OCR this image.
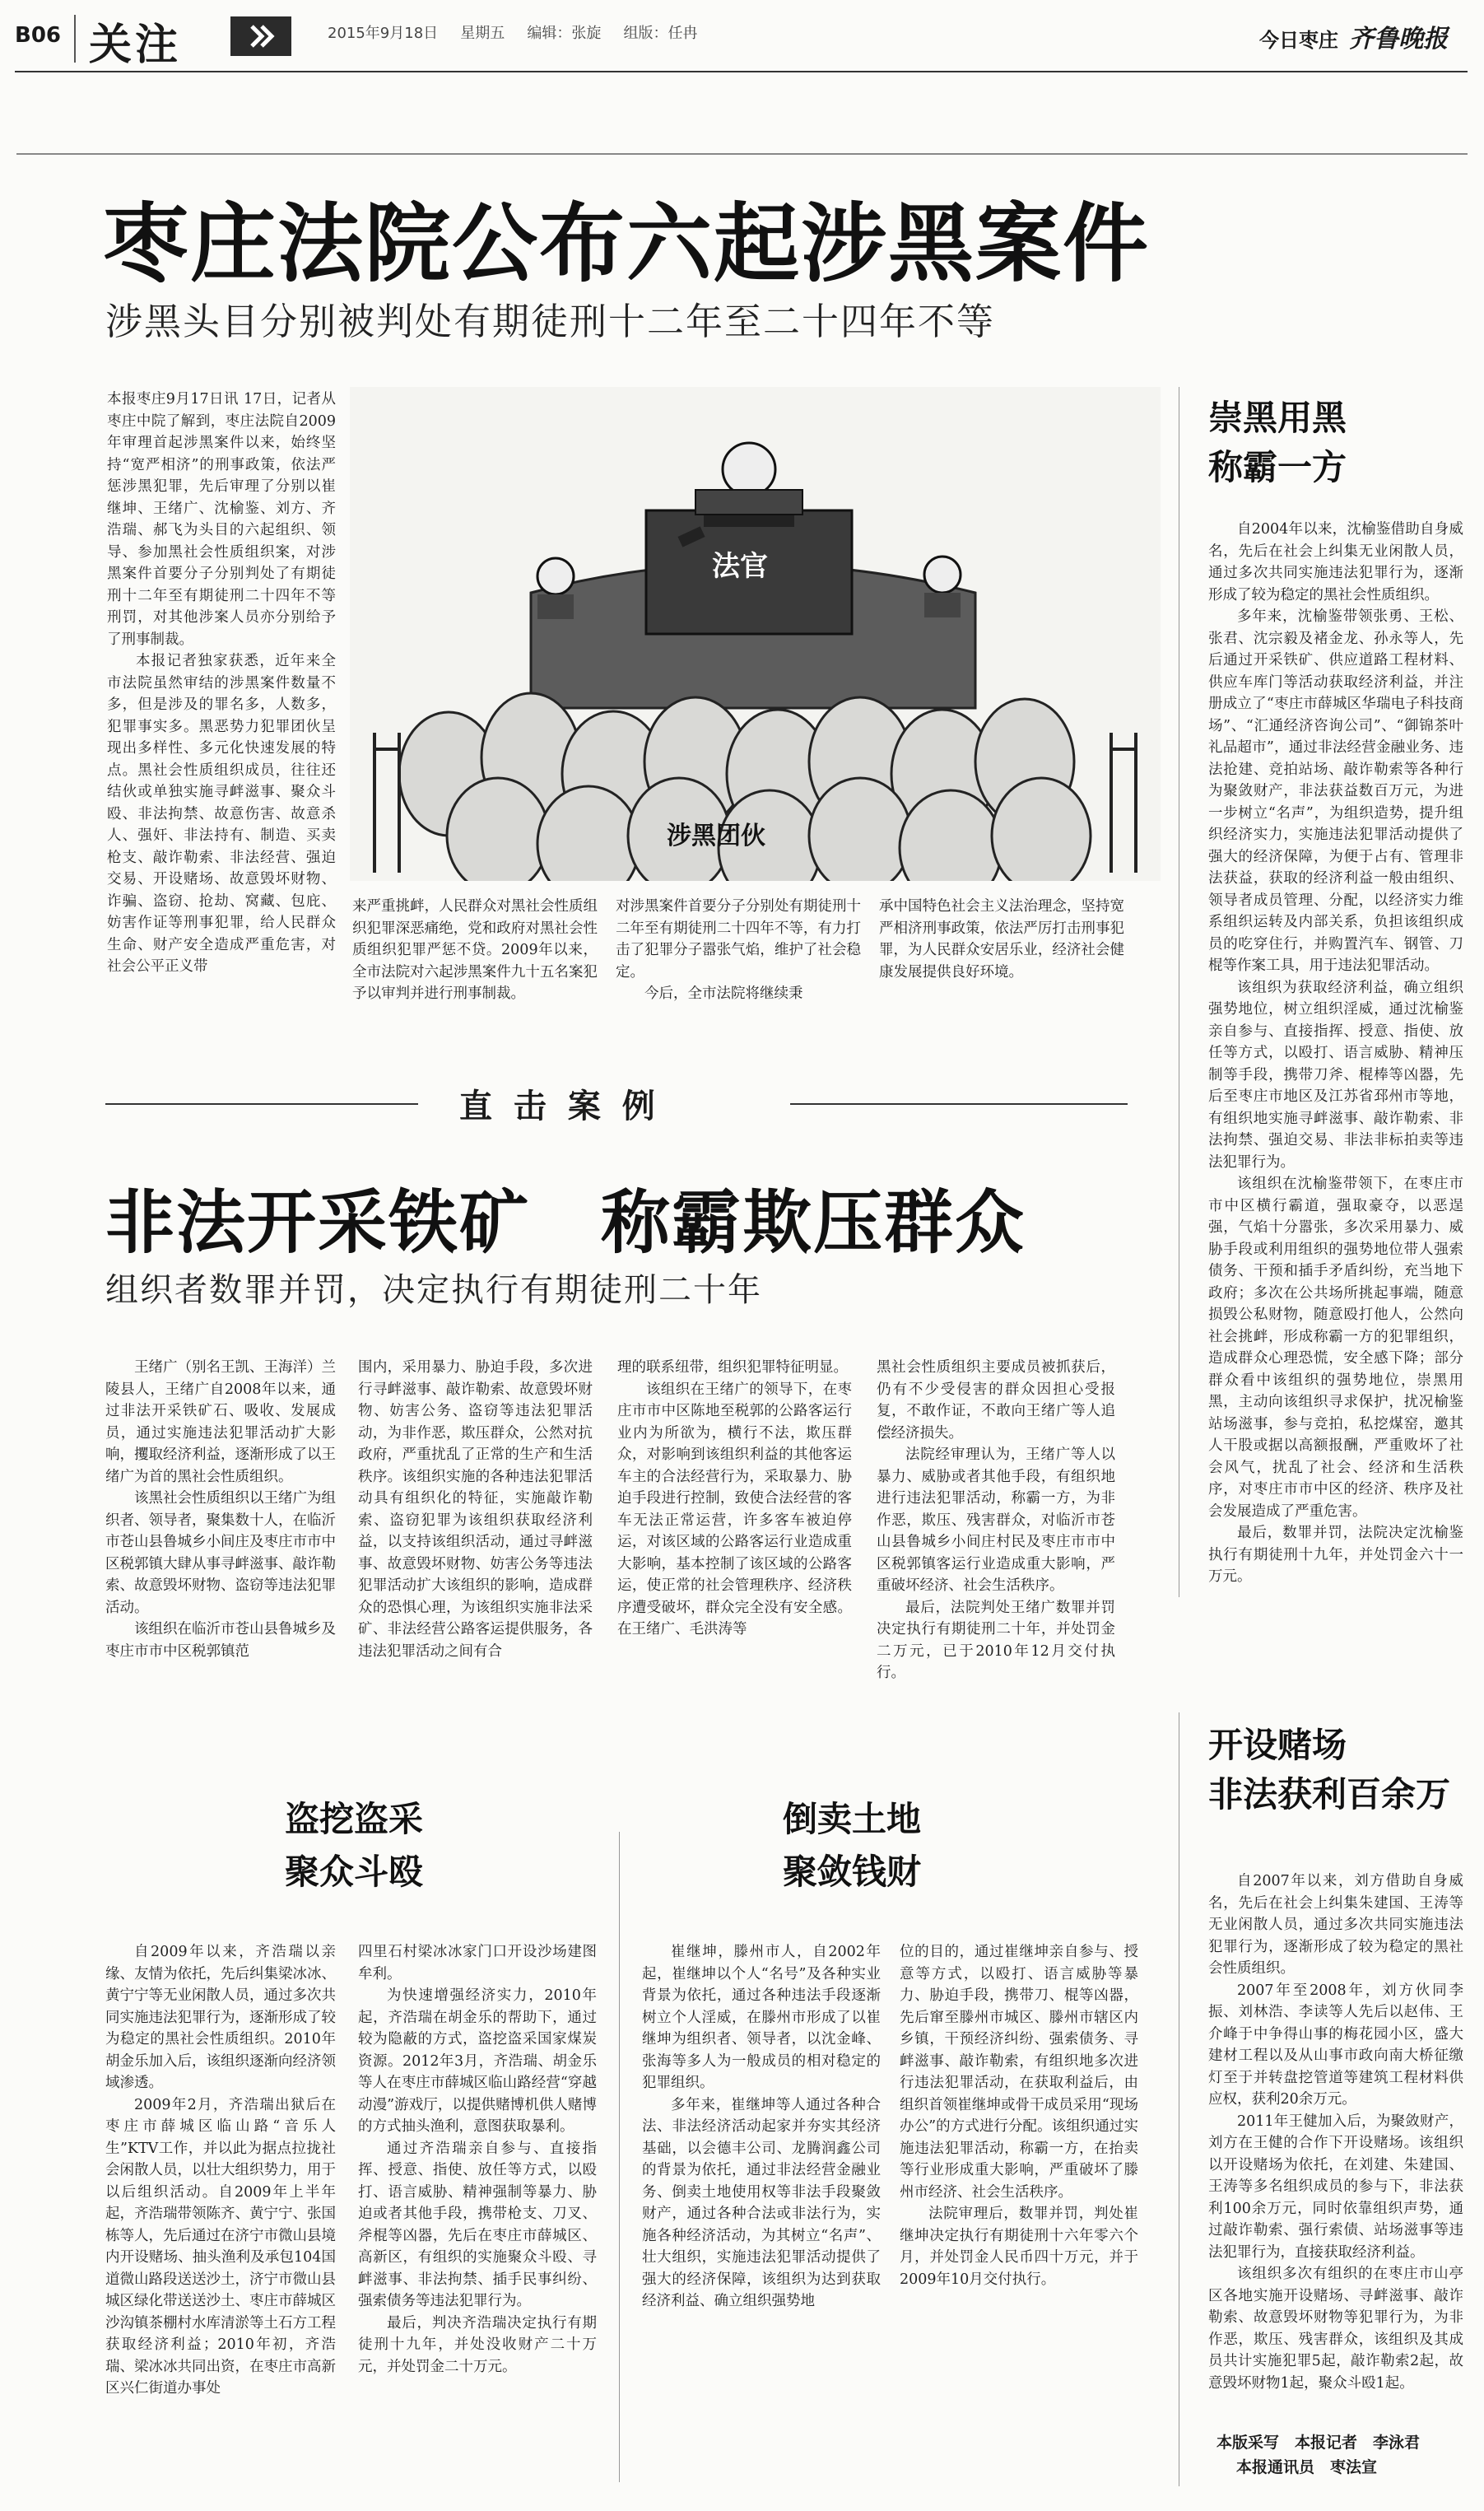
B06 关注	2015年9月18日 星期五 编辑：张旋 组版：任冉	今日枣庄 齐鲁晚报
枣庄法院公布六起涉黑案件
涉黑头目分别被判处有期徒刑十二年至二十四年不等

本报枣庄9月17日讯 17日，记者从枣庄中院了解到，枣庄法院自2009年审理首起涉黑案件以来，始终坚持“宽严相济”的刑事政策，依法严惩涉黑犯罪，先后审理了分别以崔继坤、王绪广、沈榆鉴、刘方、齐浩瑞、郝飞为头目的六起组织、领导、参加黑社会性质组织案，对涉黑案件首要分子分别判处了有期徒刑十二年至有期徒刑二十四年不等刑罚，对其他涉案人员亦分别给予了刑事制裁。

本报记者独家获悉，近年来全市法院虽然审结的涉黑案件数量不多，但是涉及的罪名多，人数多，犯罪事实多。黑恶势力犯罪团伙呈现出多样性、多元化快速发展的特点。黑社会性质组织成员，往往还结伙或单独实施寻衅滋事、聚众斗殴、非法拘禁、故意伤害、故意杀人、强奸、非法持有、制造、买卖枪支、敲诈勒索、非法经营、强迫交易、开设赌场、故意毁坏财物、诈骗、盗窃、抢劫、窝藏、包庇、妨害作证等刑事犯罪，给人民群众生命、财产安全造成严重危害，对社会公平正义带

法官
涉黑团伙

来严重挑衅，人民群众对黑社会性质组织犯罪深恶痛绝，党和政府对黑社会性质组织犯罪严惩不贷。2009年以来，全市法院对六起涉黑案件九十五名案犯予以审判并进行刑事制裁。

对涉黑案件首要分子分别处有期徒刑十二年至有期徒刑二十四年不等，有力打击了犯罪分子嚣张气焰，维护了社会稳定。

今后，全市法院将继续秉

承中国特色社会主义法治理念，坚持宽严相济刑事政策，依法严厉打击刑事犯罪，为人民群众安居乐业，经济社会健康发展提供良好环境。

崇黑用黑
称霸一方

自2004年以来，沈榆鉴借助自身威名，先后在社会上纠集无业闲散人员，通过多次共同实施违法犯罪行为，逐渐形成了较为稳定的黑社会性质组织。

多年来，沈榆鉴带领张勇、王松、张君、沈宗毅及褚金龙、孙永等人，先后通过开采铁矿、供应道路工程材料、供应车库门等活动获取经济利益，并注册成立了“枣庄市薛城区华瑞电子科技商场”、“汇通经济咨询公司”、“御锦茶叶礼品超市”，通过非法经营金融业务、违法抢建、竞拍站场、敲诈勒索等各种行为聚敛财产，非法获益数百万元，为进一步树立“名声”，为组织造势，提升组织经济实力，实施违法犯罪活动提供了强大的经济保障，为便于占有、管理非法获益，获取的经济利益一般由组织、领导者成员管理、分配，以经济实力维系组织运转及内部关系，负担该组织成员的吃穿住行，并购置汽车、钢管、刀棍等作案工具，用于违法犯罪活动。

该组织为获取经济利益，确立组织强势地位，树立组织淫威，通过沈榆鉴亲自参与、直接指挥、授意、指使、放任等方式，以殴打、语言威胁、精神压制等手段，携带刀斧、棍棒等凶器，先后至枣庄市地区及江苏省邳州市等地，有组织地实施寻衅滋事、敲诈勒索、非法拘禁、强迫交易、非法非标拍卖等违法犯罪行为。

该组织在沈榆鉴带领下，在枣庄市市中区横行霸道，强取豪夺，以恶逞强，气焰十分嚣张，多次采用暴力、威胁手段或利用组织的强势地位带人强索债务、干预和插手矛盾纠纷，充当地下政府；多次在公共场所挑起事端，随意损毁公私财物，随意殴打他人，公然向社会挑衅，形成称霸一方的犯罪组织，造成群众心理恐慌，安全感下降；部分群众看中该组织的强势地位，崇黑用黑，主动向该组织寻求保护，扰况榆鉴站场滋事，参与竞拍，私挖煤窑，邀其人干股或据以高额报酬，严重败坏了社会风气，扰乱了社会、经济和生活秩序，对枣庄市市中区的经济、秩序及社会发展造成了严重危害。

最后，数罪并罚，法院决定沈榆鉴执行有期徒刑十九年，并处罚金六十一万元。

直 击 案 例
非法开采铁矿　称霸欺压群众
组织者数罪并罚，决定执行有期徒刑二十年

王绪广（别名王凯、王海洋）兰陵县人，王绪广自2008年以来，通过非法开采铁矿石、吸收、发展成员，通过实施违法犯罪活动扩大影响，攫取经济利益，逐渐形成了以王绪广为首的黑社会性质组织。

该黑社会性质组织以王绪广为组织者、领导者，聚集数十人，在临沂市苍山县鲁城乡小间庄及枣庄市市中区税郭镇大肆从事寻衅滋事、敲诈勒索、故意毁坏财物、盗窃等违法犯罪活动。

该组织在临沂市苍山县鲁城乡及枣庄市市中区税郭镇范

围内，采用暴力、胁迫手段，多次进行寻衅滋事、敲诈勒索、故意毁坏财物、妨害公务、盗窃等违法犯罪活动，为非作恶，欺压群众，公然对抗政府，严重扰乱了正常的生产和生活秩序。该组织实施的各种违法犯罪活动具有组织化的特征，实施敲诈勒索、盗窃犯罪为该组织获取经济利益，以支持该组织活动，通过寻衅滋事、故意毁坏财物、妨害公务等违法犯罪活动扩大该组织的影响，造成群众的恐惧心理，为该组织实施非法采矿、非法经营公路客运提供服务，各违法犯罪活动之间有合

理的联系纽带，组织犯罪特征明显。

该组织在王绪广的领导下，在枣庄市市中区陈地至税郭的公路客运行业内为所欲为，横行不法，欺压群众，对影响到该组织利益的其他客运车主的合法经营行为，采取暴力、胁迫手段进行控制，致使合法经营的客车无法正常运营，许多客车被迫停运，对该区域的公路客运行业造成重大影响，基本控制了该区域的公路客运，使正常的社会管理秩序、经济秩序遭受破坏，群众完全没有安全感。在王绪广、毛洪涛等

黑社会性质组织主要成员被抓获后，仍有不少受侵害的群众因担心受报复，不敢作证，不敢向王绪广等人追偿经济损失。

法院经审理认为，王绪广等人以暴力、威胁或者其他手段，有组织地进行违法犯罪活动，称霸一方，为非作恶，欺压、残害群众，对临沂市苍山县鲁城乡小间庄村民及枣庄市市中区税郭镇客运行业造成重大影响，严重破坏经济、社会生活秩序。

最后，法院判处王绪广数罪并罚决定执行有期徒刑二十年，并处罚金二万元，已于2010年12月交付执行。

盗挖盗采
聚众斗殴

自2009年以来，齐浩瑞以亲缘、友情为依托，先后纠集梁冰冰、黄宁宁等无业闲散人员，通过多次共同实施违法犯罪行为，逐渐形成了较为稳定的黑社会性质组织。2010年胡金乐加入后，该组织逐渐向经济领域渗透。

2009年2月，齐浩瑞出狱后在枣庄市薛城区临山路“音乐人生”KTV工作，并以此为据点拉拢社会闲散人员，以壮大组织势力，用于以后组织活动。自2009年上半年起，齐浩瑞带领陈齐、黄宁宁、张国栋等人，先后通过在济宁市微山县境内开设赌场、抽头渔利及承包104国道微山路段送送沙土，济宁市微山县城区绿化带送送沙土、枣庄市薛城区沙沟镇茶棚村水库清淤等土石方工程获取经济利益；2010年初，齐浩瑞、梁冰冰共同出资，在枣庄市高新区兴仁街道办事处

四里石村梁冰冰家门口开设沙场建图牟利。

为快速增强经济实力，2010年起，齐浩瑞在胡金乐的帮助下，通过较为隐蔽的方式，盗挖盗采国家煤炭资源。2012年3月，齐浩瑞、胡金乐等人在枣庄市薛城区临山路经营“穿越动漫”游戏厅，以提供赌博机供人赌博的方式抽头渔利，意图获取暴利。

通过齐浩瑞亲自参与、直接指挥、授意、指使、放任等方式，以殴打、语言威胁、精神强制等暴力、胁迫或者其他手段，携带枪支、刀叉、斧棍等凶器，先后在枣庄市薛城区、高新区，有组织的实施聚众斗殴、寻衅滋事、非法拘禁、插手民事纠纷、强索债务等违法犯罪行为。

最后，判决齐浩瑞决定执行有期徒刑十九年，并处没收财产二十万元，并处罚金二十万元。

倒卖土地
聚敛钱财

崔继坤，滕州市人，自2002年起，崔继坤以个人“名号”及各种实业背景为依托，通过各种违法手段逐渐树立个人淫威，在滕州市形成了以崔继坤为组织者、领导者，以沈金峰、张海等多人为一般成员的相对稳定的犯罪组织。

多年来，崔继坤等人通过各种合法、非法经济活动起家并夯实其经济基础，以会德丰公司、龙腾润鑫公司的背景为依托，通过非法经营金融业务、倒卖土地使用权等非法手段聚敛财产，通过各种合法或非法行为，实施各种经济活动，为其树立“名声”、壮大组织，实施违法犯罪活动提供了强大的经济保障，该组织为达到获取经济利益、确立组织强势地

位的目的，通过崔继坤亲自参与、授意等方式，以殴打、语言威胁等暴力、胁迫手段，携带刀、棍等凶器，先后窜至滕州市城区、滕州市辖区内乡镇，干预经济纠纷、强索债务、寻衅滋事、敲诈勒索，有组织地多次进行违法犯罪活动，在获取利益后，由组织首领崔继坤或骨干成员采用“现场办公”的方式进行分配。该组织通过实施违法犯罪活动，称霸一方，在抬卖等行业形成重大影响，严重破坏了滕州市经济、社会生活秩序。

法院审理后，数罪并罚，判处崔继坤决定执行有期徒刑十六年零六个月，并处罚金人民币四十万元，并于2009年10月交付执行。

开设赌场
非法获利百余万

自2007年以来，刘方借助自身威名，先后在社会上纠集朱建国、王涛等无业闲散人员，通过多次共同实施违法犯罪行为，逐渐形成了较为稳定的黑社会性质组织。

2007年至2008年，刘方伙同李振、刘林浩、李读等人先后以赵伟、王介峰于中争得山事的梅花园小区，盛大建材工程以及从山事市政向南大桥征缴灯至于并转盘挖管道等建筑工程材料供应权，获利20余万元。

2011年王健加入后，为聚敛财产，刘方在王健的合作下开设赌场。该组织以开设赌场为依托，在刘建、朱建国、王涛等多名组织成员的参与下，非法获利100余万元，同时依靠组织声势，通过敲诈勒索、强行索债、站场滋事等违法犯罪行为，直接获取经济利益。

该组织多次有组织的在枣庄市山亭区各地实施开设赌场、寻衅滋事、敲诈勒索、故意毁坏财物等犯罪行为，为非作恶，欺压、残害群众，该组织及其成员共计实施犯罪5起，敲诈勒索2起，故意毁坏财物1起，聚众斗殴1起。

本版采写　本报记者　李泳君
本报通讯员　枣法宣
